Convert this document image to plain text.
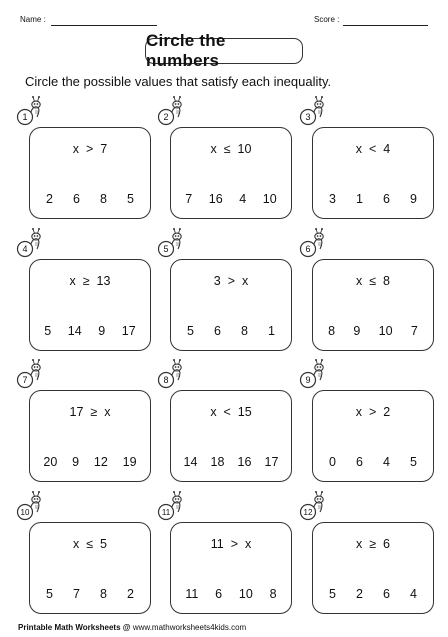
Name :	Score :
Circle the numbers
Circle the possible values that satisfy each inequality.
x  >  7
2 6 8 5
1
x  ≤  10
7 16 4 10
2
x  <  4
3 1 6 9
3
x  ≥  13
5 14 9 17
4
3  >  x
5 6 8 1
5
x  ≤  8
8 9 10 7
6
17  ≥  x
20 9 12 19
7
x  <  15
14 18 16 17
8
x  >  2
0 6 4 5
9
x  ≤  5
5 7 8 2
10
11  >  x
11 6 10 8
11
x  ≥  6
5 2 6 4
12
Printable Math Worksheets @ www.mathworksheets4kids.com
